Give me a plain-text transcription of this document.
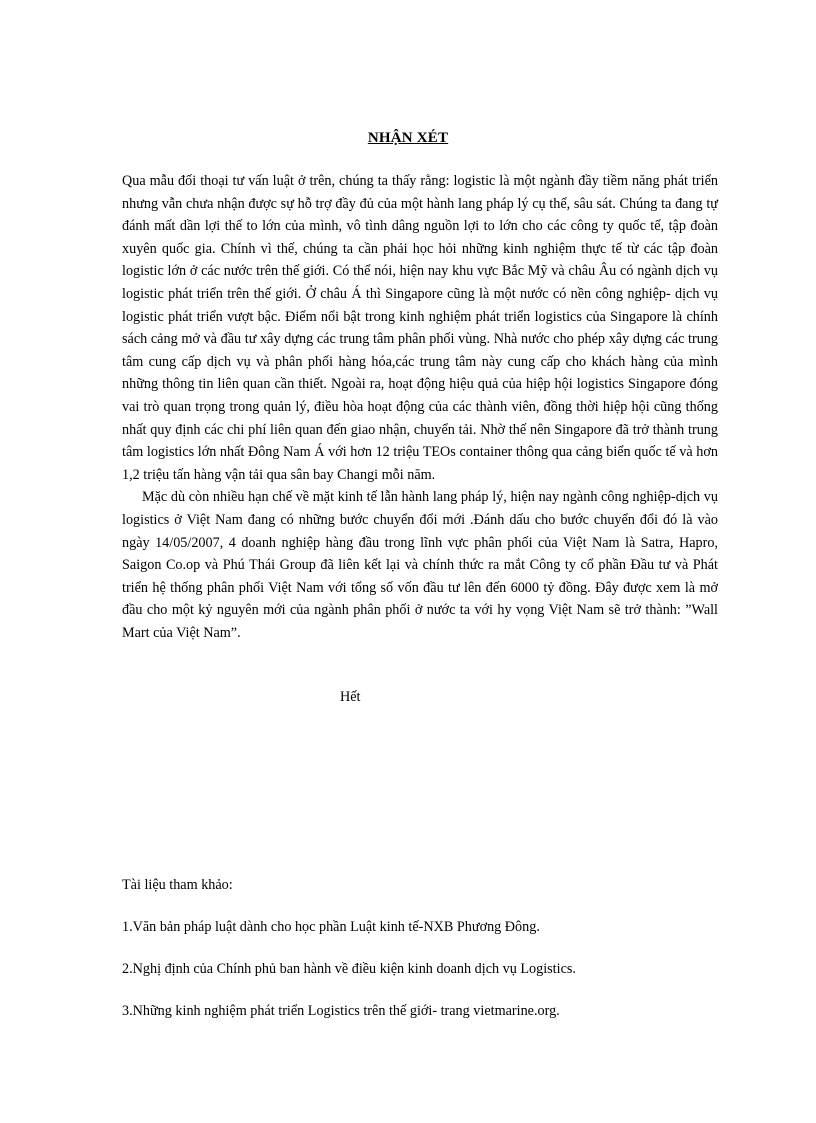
NHẬN XÉT

Qua mẫu đối thoại tư vấn luật ở trên, chúng ta thấy rằng: logistic là một ngành đầy tiềm năng phát triển nhưng vẫn chưa nhận được sự hỗ trợ đầy đủ của một hành lang pháp lý cụ thể, sâu sát. Chúng ta đang tự đánh mất dần lợi thế to lớn của mình, vô tình dâng nguồn lợi to lớn cho các công ty quốc tế, tập đoàn xuyên quốc gia. Chính vì thế, chúng ta cần phải học hỏi những kinh nghiệm thực tế từ các tập đoàn logistic lớn ở các nước trên thế giới. Có thể nói, hiện nay khu vực Bắc Mỹ và châu Âu có ngành dịch vụ logistic phát triển trên thế giới. Ở châu Á thì Singapore cũng là một nước có nền công nghiệp- dịch vụ logistic phát triển vượt bậc. Điểm nổi bật trong kinh nghiệm phát triển logistics của Singapore là chính sách cảng mở và đầu tư xây dựng các trung tâm phân phối vùng. Nhà nước cho phép xây dựng các trung tâm cung cấp dịch vụ và phân phối hàng hóa,các trung tâm này cung cấp cho khách hàng của mình những thông tin liên quan cần thiết. Ngoài ra, hoạt động hiệu quả của hiệp hội logistics Singapore đóng vai trò quan trọng trong quản lý, điều hòa hoạt động của các thành viên, đồng thời hiệp hội cũng thống nhất quy định các chi phí liên quan đến giao nhận, chuyển tải. Nhờ thế nên Singapore đã trở thành trung tâm logistics lớn nhất Đông Nam Á với hơn 12 triệu TEOs container thông qua cảng biển quốc tế và hơn 1,2 triệu tấn hàng vận tải qua sân bay Changi mỗi năm.

Mặc dù còn nhiều hạn chế về mặt kinh tế lẫn hành lang pháp lý, hiện nay ngành công nghiệp-dịch vụ logistics ở Việt Nam đang có những bước chuyển đổi mới .Đánh dấu cho bước chuyển đổi đó là vào ngày 14/05/2007, 4 doanh nghiệp hàng đầu trong lĩnh vực phân phối của Việt Nam là Satra, Hapro, Saigon Co.op và Phú Thái Group đã liên kết lại và chính thức ra mắt Công ty cổ phần Đầu tư và Phát triển hệ thống phân phối Việt Nam với tổng số vốn đầu tư lên đến 6000 tỷ đồng. Đây được xem là mở đầu cho một kỷ nguyên mới của ngành phân phối ở nước ta với hy vọng Việt Nam sẽ trở thành: ”Wall Mart của Việt Nam”.

Hết

Tài liệu tham khảo:

1.Văn bản pháp luật dành cho học phần Luật kinh tế-NXB Phương Đông.

2.Nghị định của Chính phủ ban hành về điều kiện kinh doanh dịch vụ Logistics.

3.Những kinh nghiệm phát triển Logistics trên thế giới- trang vietmarine.org.
